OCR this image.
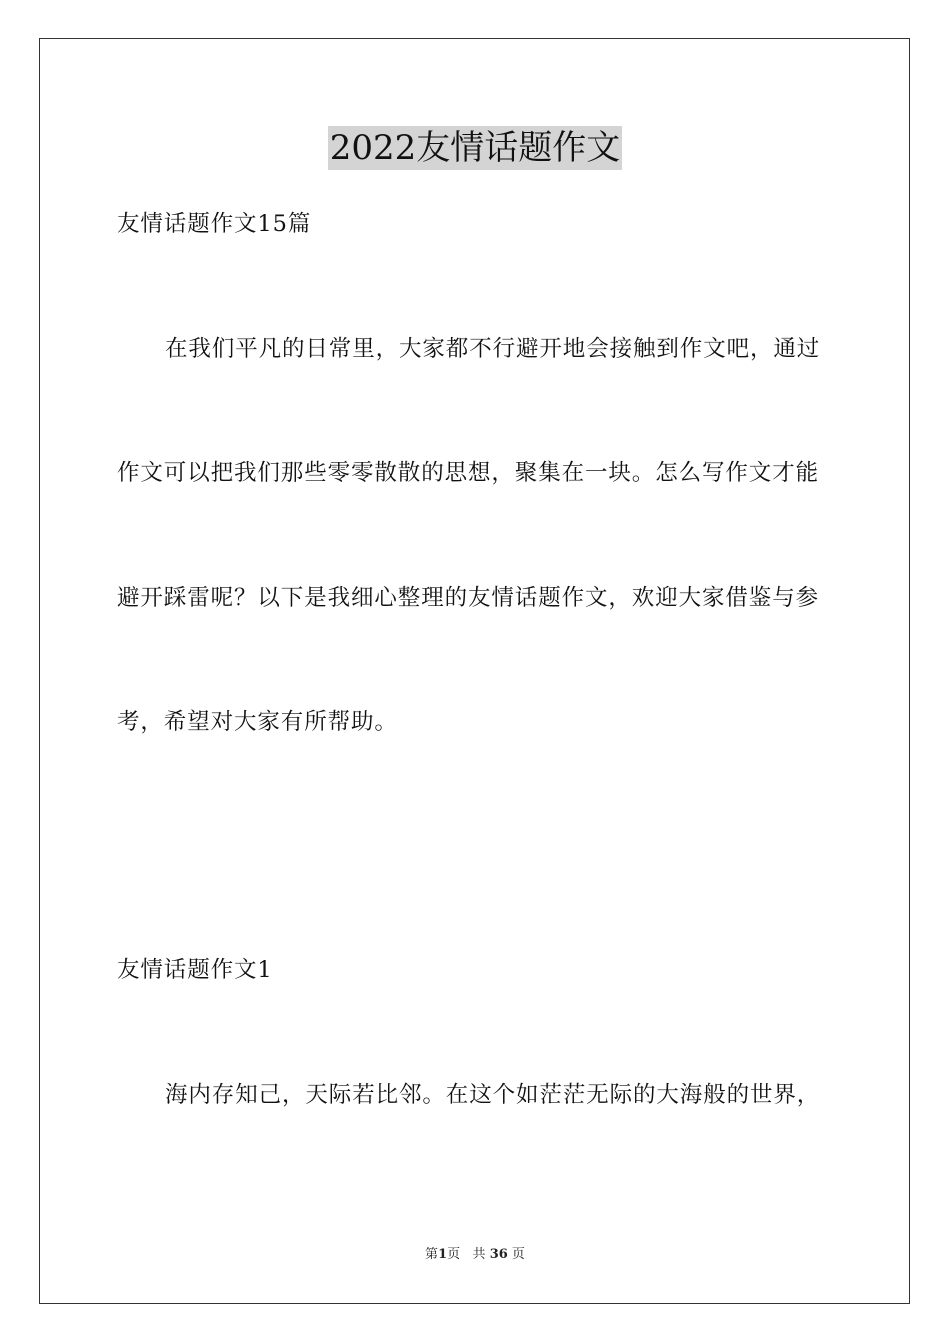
2022友情话题作文
友情话题作文15篇
在我们平凡的日常里，大家都不行避开地会接触到作文吧，通过
作文可以把我们那些零零散散的思想，聚集在一块。怎么写作文才能
避开踩雷呢？以下是我细心整理的友情话题作文，欢迎大家借鉴与参
考，希望对大家有所帮助。
友情话题作文1
海内存知己，天际若比邻。在这个如茫茫无际的大海般的世界，
第1页 共 36 页
